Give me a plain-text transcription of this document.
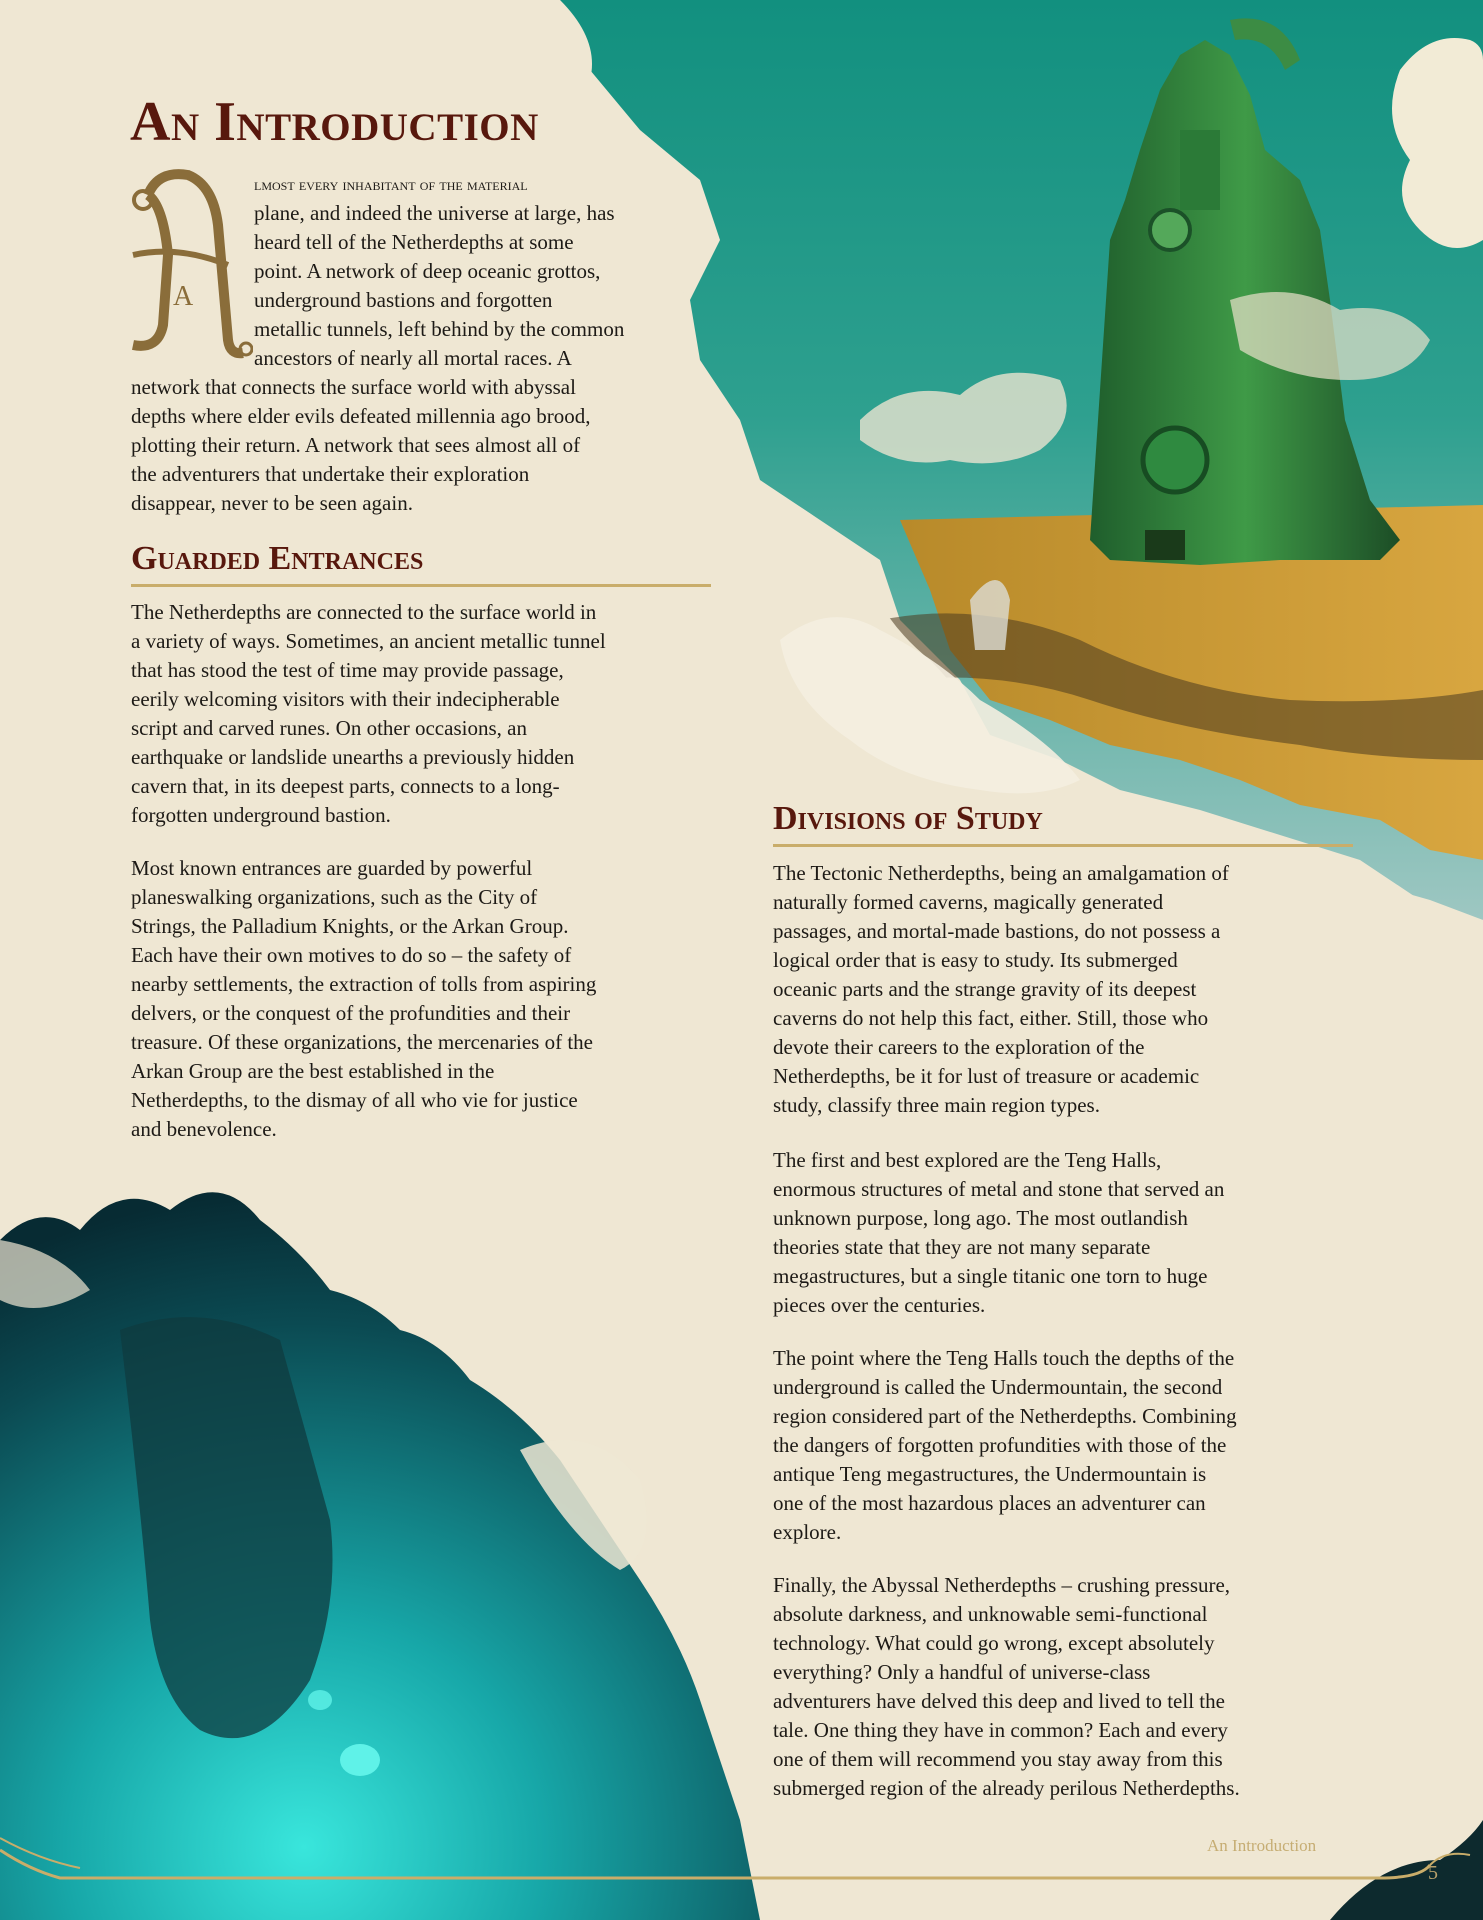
An Introduction
A
lmost every inhabitant of the material
plane, and indeed the universe at large, has
heard tell of the Netherdepths at some
point. A network of deep oceanic grottos,
underground bastions and forgotten
metallic tunnels, left behind by the common
ancestors of nearly all mortal races. A
network that connects the surface world with abyssal
depths where elder evils defeated millennia ago brood,
plotting their return. A network that sees almost all of
the adventurers that undertake their exploration
disappear, never to be seen again.
Guarded Entrances
The Netherdepths are connected to the surface world in
a variety of ways. Sometimes, an ancient metallic tunnel
that has stood the test of time may provide passage,
eerily welcoming visitors with their indecipherable
script and carved runes. On other occasions, an
earthquake or landslide unearths a previously hidden
cavern that, in its deepest parts, connects to a long-
forgotten underground bastion.
Most known entrances are guarded by powerful
planeswalking organizations, such as the City of
Strings, the Palladium Knights, or the Arkan Group.
Each have their own motives to do so – the safety of
nearby settlements, the extraction of tolls from aspiring
delvers, or the conquest of the profundities and their
treasure. Of these organizations, the mercenaries of the
Arkan Group are the best established in the
Netherdepths, to the dismay of all who vie for justice
and benevolence.
Divisions of Study
The Tectonic Netherdepths, being an amalgamation of
naturally formed caverns, magically generated
passages, and mortal-made bastions, do not possess a
logical order that is easy to study. Its submerged
oceanic parts and the strange gravity of its deepest
caverns do not help this fact, either. Still, those who
devote their careers to the exploration of the
Netherdepths, be it for lust of treasure or academic
study, classify three main region types.
The first and best explored are the Teng Halls,
enormous structures of metal and stone that served an
unknown purpose, long ago. The most outlandish
theories state that they are not many separate
megastructures, but a single titanic one torn to huge
pieces over the centuries.
The point where the Teng Halls touch the depths of the
underground is called the Undermountain, the second
region considered part of the Netherdepths. Combining
the dangers of forgotten profundities with those of the
antique Teng megastructures, the Undermountain is
one of the most hazardous places an adventurer can
explore.
Finally, the Abyssal Netherdepths – crushing pressure,
absolute darkness, and unknowable semi-functional
technology. What could go wrong, except absolutely
everything? Only a handful of universe-class
adventurers have delved this deep and lived to tell the
tale. One thing they have in common? Each and every
one of them will recommend you stay away from this
submerged region of the already perilous Netherdepths.
An Introduction
5
